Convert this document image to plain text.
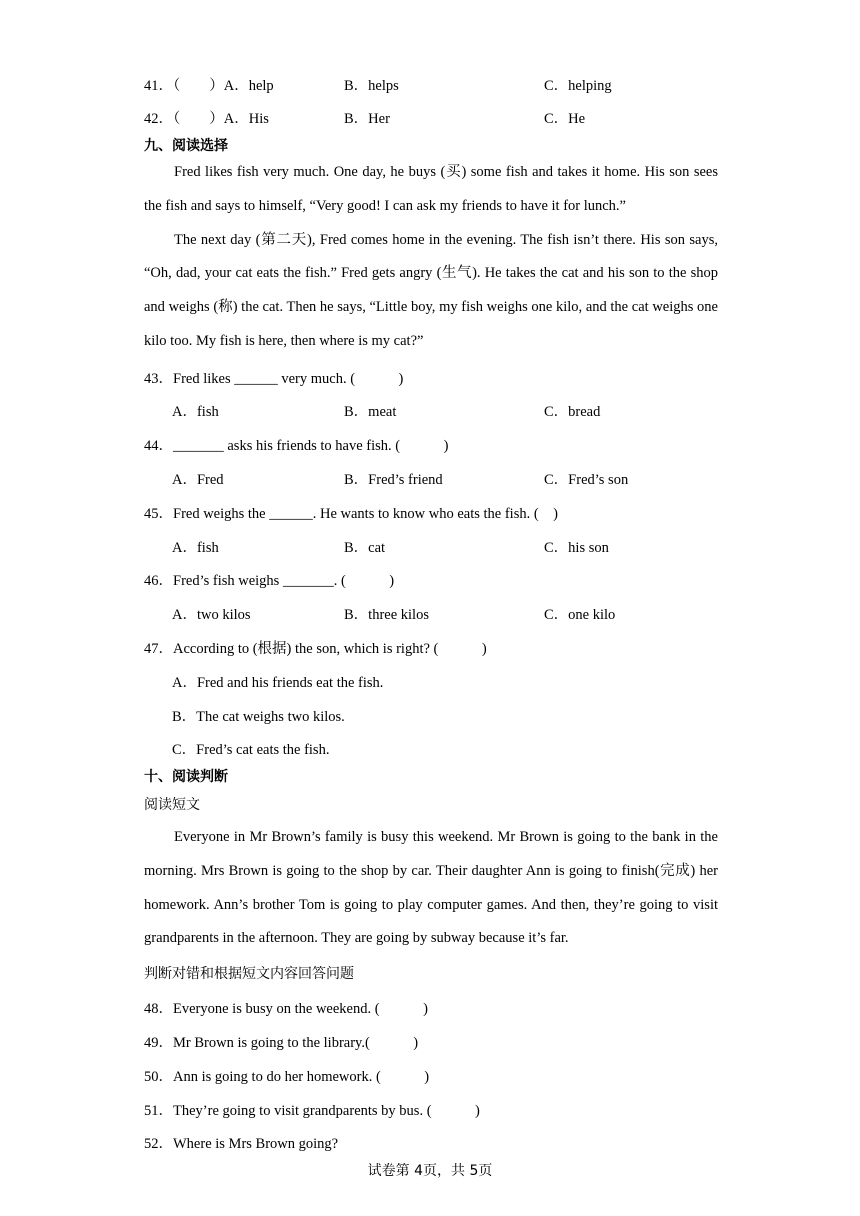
41．（　　）A．help	B．helps	C．helping
42．（　　）A．His	B．Her	C．He
九、阅读选择

Fred likes fish very much. One day, he buys (买) some fish and takes it home. His son sees the fish and says to himself, “Very good! I can ask my friends to have it for lunch.”

The next day (第二天), Fred comes home in the evening. The fish isn’t there. His son says, “Oh, dad, your cat eats the fish.” Fred gets angry (生气). He takes the cat and his son to the shop and weighs (称) the cat. Then he says, “Little boy, my fish weighs one kilo, and the cat weighs one kilo too. My fish is here, then where is my cat?”

43．Fred likes ______ very much. (　　　)
A．fish	B．meat	C．bread
44．_______ asks his friends to have fish. (　　　)
A．Fred	B．Fred’s friend	C．Fred’s son
45．Fred weighs the ______. He wants to know who eats the fish. (　)
A．fish	B．cat	C．his son
46．Fred’s fish weighs _______. (　　　)
A．two kilos	B．three kilos	C．one kilo
47．According to (根据) the son, which is right? (　　　)
A．Fred and his friends eat the fish.
B．The cat weighs two kilos.
C．Fred’s cat eats the fish.
十、阅读判断
阅读短文

Everyone in Mr Brown’s family is busy this weekend. Mr Brown is going to the bank in the morning. Mrs Brown is going to the shop by car. Their daughter Ann is going to finish(完成) her homework. Ann’s brother Tom is going to play computer games. And then, they’re going to visit grandparents in the afternoon. They are going by subway because it’s far.

判断对错和根据短文内容回答问题
48．Everyone is busy on the weekend. (　　　)
49．Mr Brown is going to the library.(　　　)
50．Ann is going to do her homework. (　　　)
51．They’re going to visit grandparents by bus. (　　　)
52．Where is Mrs Brown going?
试卷第 4页，共 5页
